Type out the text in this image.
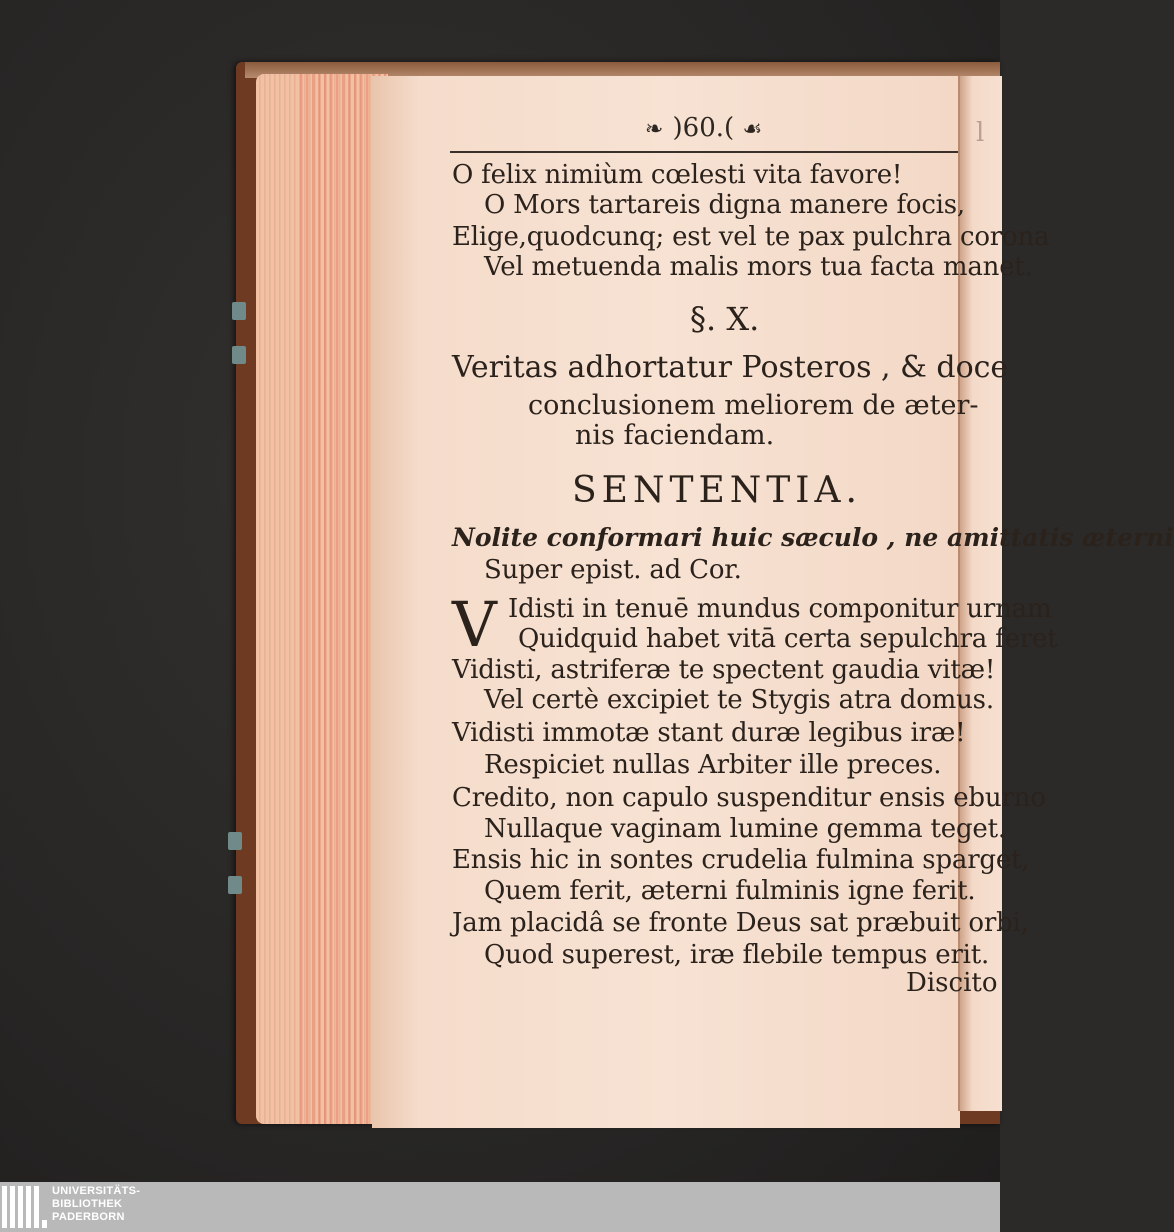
l
❧ )60.( ☙
O felix nimiùm cœlesti vita favore!
O Mors tartareis digna manere focis,
Elige,quodcunq; est vel te pax pulchra corona
Vel metuenda malis mors tua facta manet.
§. X.
Veritas adhortatur Posteros , & doce
conclusionem meliorem de æter-
nis faciendam.
SENTENTIA.
Nolite conformari huic sæculo , ne amittatis æterni
Super epist. ad Cor.
V Idisti in tenuē mundus componitur urnam
Quidquid habet vitā certa sepulchra feret
Vidisti, astriferæ te spectent gaudia vitæ!
Vel certè excipiet te Stygis atra domus.
Vidisti immotæ stant duræ legibus iræ!
Respiciet nullas Arbiter ille preces.
Credito, non capulo suspenditur ensis eburno
Nullaque vaginam lumine gemma teget.
Ensis hic in sontes crudelia fulmina sparget,
Quem ferit, æterni fulminis igne ferit.
Jam placidâ se fronte Deus sat præbuit orbi,
Quod superest, iræ flebile tempus erit.
Discito
UNIVERSITÄTS-
BIBLIOTHEK
PADERBORN
